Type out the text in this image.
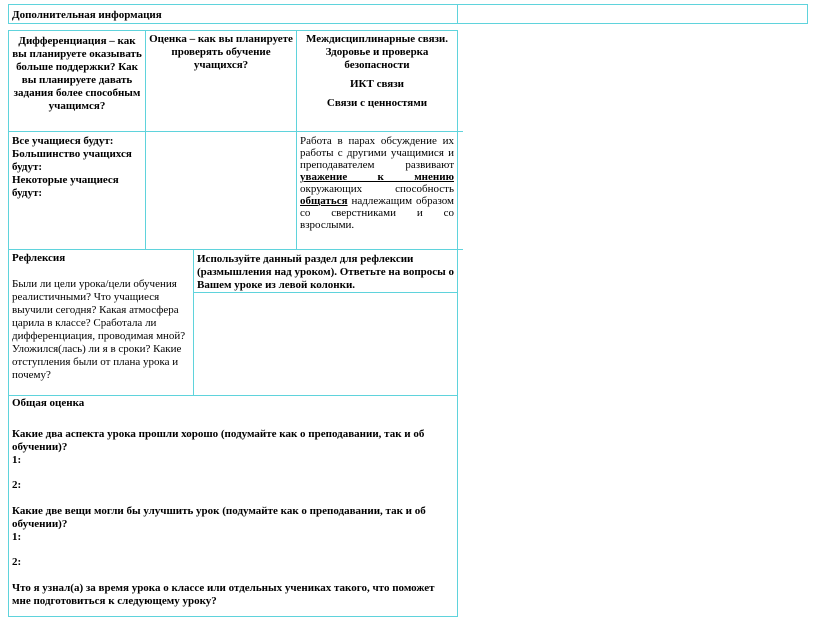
Дополнительная информация
Дифференциация – как вы планируете оказывать больше поддержки? Как вы планируете давать задания более способным учащимся?
Оценка – как вы планируете проверять обучение учащихся?

Междисциплинарные связи. Здоровье и проверка безопасности

ИКТ связи

Связи с ценностями

Все учащиеся будут:

Большинство учащихся будут:

Некоторые учащиеся будут:

Работа в парах обсуждение их работы с другими учащимися и преподавателем развивают уважение к мнению окружающих способность общаться надлежащим образом со сверстниками и со взрослыми.

Рефлексия

Были ли цели урока/цели обучения реалистичными? Что учащиеся выучили сегодня? Какая атмосфера царила в классе? Сработала ли дифференциация, проводимая мной? Уложился(лась) ли я в сроки? Какие отступления были от плана урока и почему?

Используйте данный раздел для рефлексии (размышления над уроком). Ответьте на вопросы о Вашем уроке из левой колонки.

Общая оценка

Какие два аспекта урока прошли хорошо (подумайте как о преподавании, так и об обучении)?

1:

2:

Какие две вещи могли бы улучшить урок (подумайте как о преподавании, так и об обучении)?

1:

2:

Что я узнал(а) за время урока о классе или отдельных учениках такого, что поможет мне подготовиться к следующему уроку?
